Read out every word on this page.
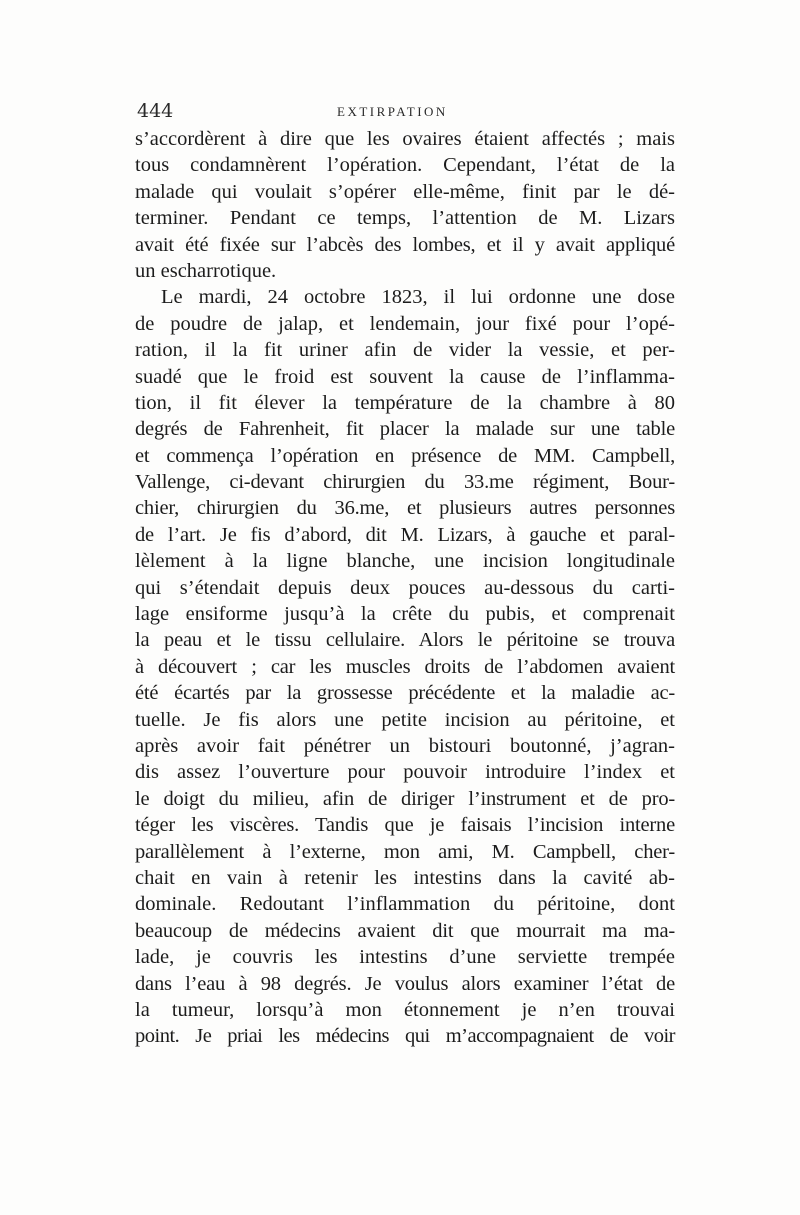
444	EXTIRPATION
s’accordèrent à dire que les ovaires étaient affectés ; mais
tous condamnèrent l’opération. Cependant, l’état de la
malade qui voulait s’opérer elle-même, finit par le dé-
terminer. Pendant ce temps, l’attention de M. Lizars
avait été fixée sur l’abcès des lombes, et il y avait appliqué
un escharrotique.
Le mardi, 24 octobre 1823, il lui ordonne une dose
de poudre de jalap, et lendemain, jour fixé pour l’opé-
ration, il la fit uriner afin de vider la vessie, et per-
suadé que le froid est souvent la cause de l’inflamma-
tion, il fit élever la température de la chambre à 80
degrés de Fahrenheit, fit placer la malade sur une table
et commença l’opération en présence de MM. Campbell,
Vallenge, ci-devant chirurgien du 33.me régiment, Bour-
chier, chirurgien du 36.me, et plusieurs autres personnes
de l’art. Je fis d’abord, dit M. Lizars, à gauche et paral-
lèlement à la ligne blanche, une incision longitudinale
qui s’étendait depuis deux pouces au-dessous du carti-
lage ensiforme jusqu’à la crête du pubis, et comprenait
la peau et le tissu cellulaire. Alors le péritoine se trouva
à découvert ; car les muscles droits de l’abdomen avaient
été écartés par la grossesse précédente et la maladie ac-
tuelle. Je fis alors une petite incision au péritoine, et
après avoir fait pénétrer un bistouri boutonné, j’agran-
dis assez l’ouverture pour pouvoir introduire l’index et
le doigt du milieu, afin de diriger l’instrument et de pro-
téger les viscères. Tandis que je faisais l’incision interne
parallèlement à l’externe, mon ami, M. Campbell, cher-
chait en vain à retenir les intestins dans la cavité ab-
dominale. Redoutant l’inflammation du péritoine, dont
beaucoup de médecins avaient dit que mourrait ma ma-
lade, je couvris les intestins d’une serviette trempée
dans l’eau à 98 degrés. Je voulus alors examiner l’état de
la tumeur, lorsqu’à mon étonnement je n’en trouvai
point. Je priai les médecins qui m’accompagnaient de voir
